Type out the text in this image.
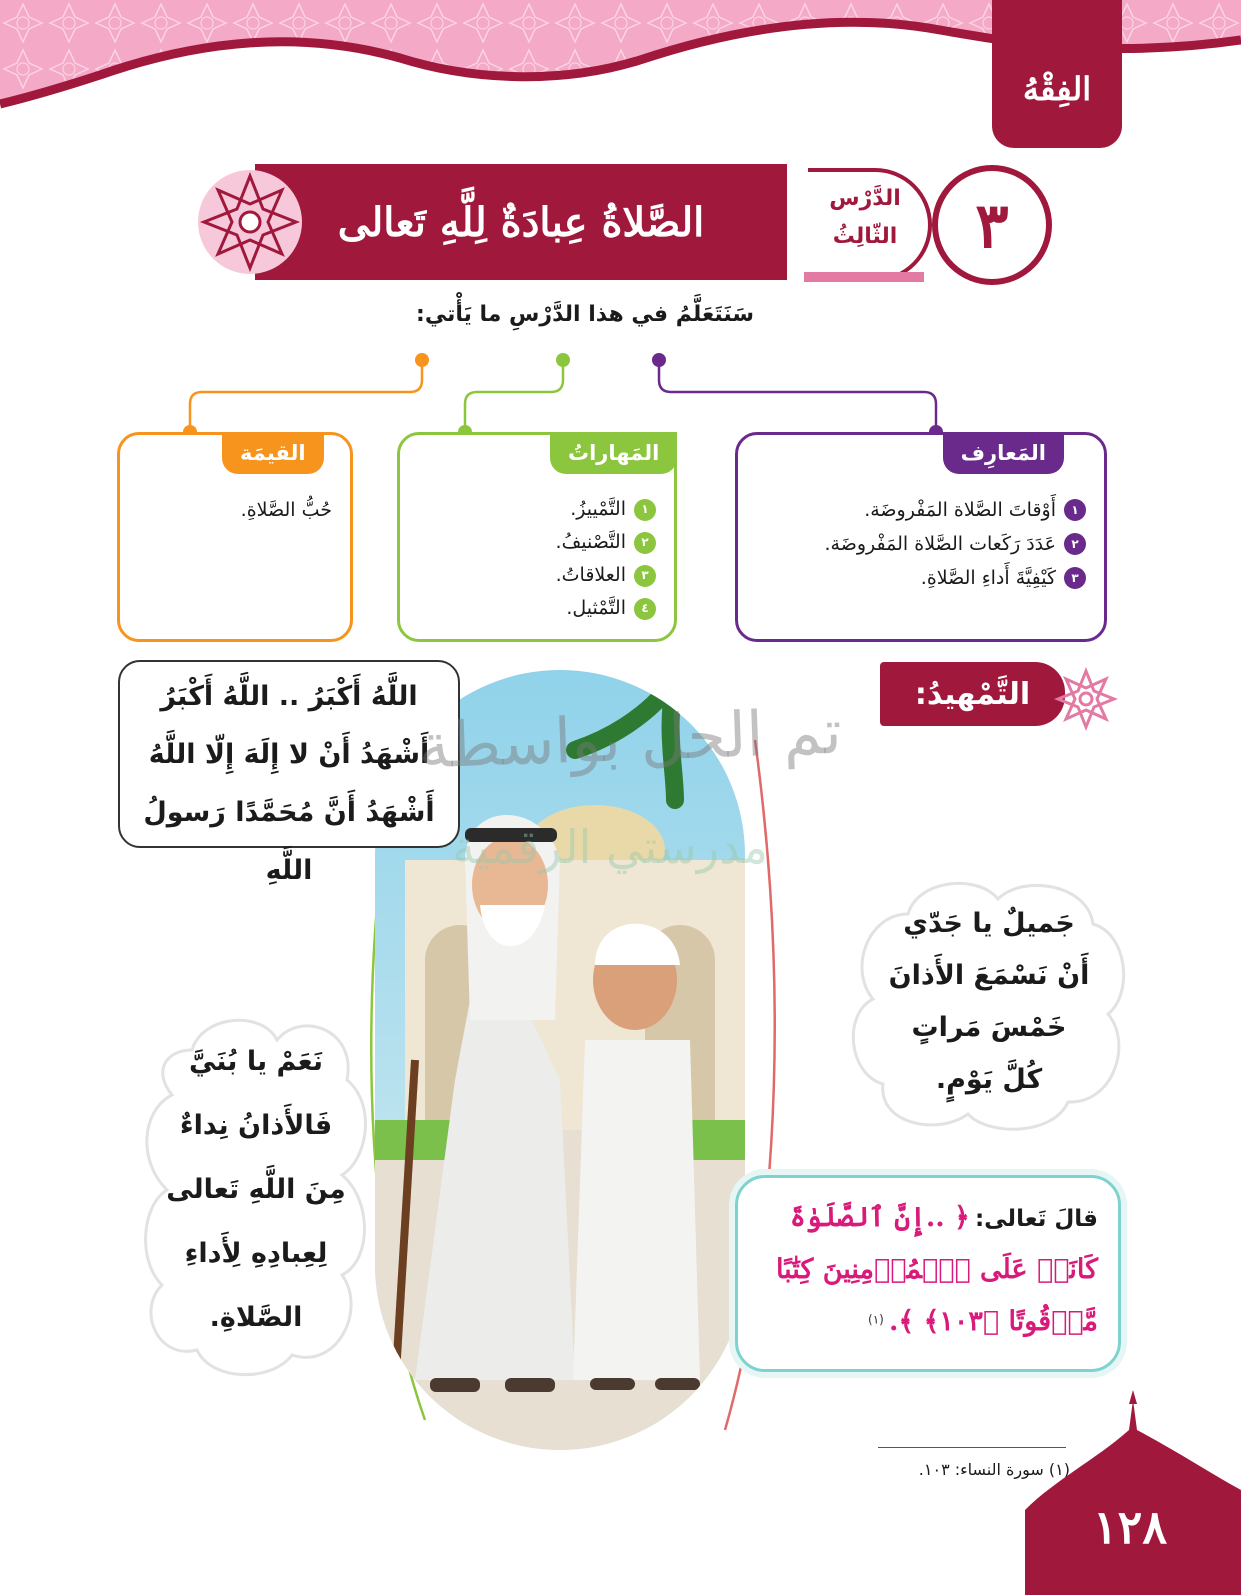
الفِقْهُ
الدَّرْس
الثّالِثُ ٣
الصَّلاةُ عِبادَةٌ لِلَّهِ تَعالى
سَنَتَعَلَّمُ في هذا الدَّرْسِ ما يَأْتي:
المَعارِف
١
أَوْقاتَ الصَّلاة المَفْروضَة.
٢
عَدَدَ رَكَعات الصَّلاة المَفْروضَة.
٣
كَيْفِيَّةَ أَداءِ الصَّلاةِ.
المَهاراتُ
١
التَّمْييزُ.
٢
التَّصْنيفُ.
٣
العلاقاتُ.
٤
التَّمْثيل.
القيمَة
حُبُّ الصَّلاةِ.
التَّمْهيدُ:
اللَّهُ أَكْبَرُ .. اللَّهُ أَكْبَرُ
أَشْهَدُ أَنْ لا إِلَهَ إِلّا اللَّهُ
أَشْهَدُ أَنَّ مُحَمَّدًا رَسولُ اللَّهِ
جَميلٌ يا جَدّي
أَنْ نَسْمَعَ الأَذانَ
خَمْسَ مَراتٍ
كُلَّ يَوْمٍ.
نَعَمْ يا بُنَيَّ
فَالأَذانُ نِداءٌ
مِنَ اللَّهِ تَعالى
لِعِبادِهِ لِأَداءِ
الصَّلاةِ.
قالَ تَعالى: ﴿ ..إِنَّ ٱلصَّلَوٰةَ
كَانَتۡ عَلَى ٱلۡمُؤۡمِنِينَ كِتَٰبًا
مَّوۡقُوتًا ﴿١٠٣﴾ ﴾. $^{(١)}$
تم الحل بواسطة
مدرستي الرقمية
(١) سورة النساء: ١٠٣.
١٢٨
